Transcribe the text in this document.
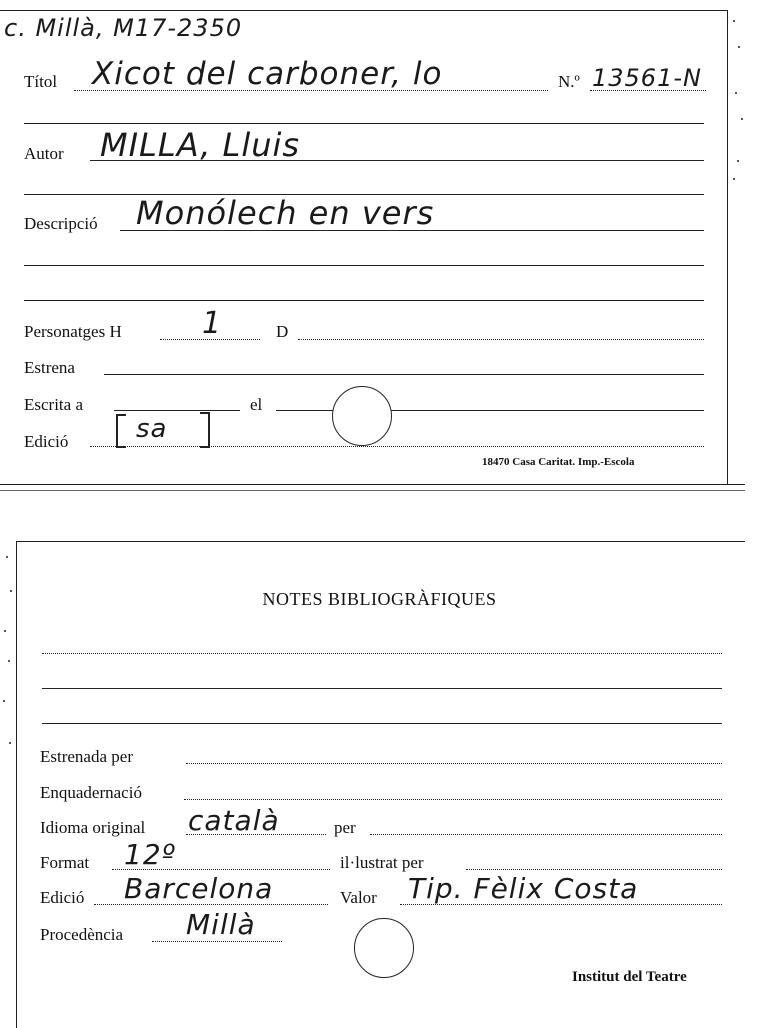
c. Millà, M17-2350
Títol Xicot del carboner, lo	N.º 13561-N
Autor MILLA, Lluis
Descripció Monólech en vers
Personatges H	1	D
Estrena
Escrita a	el
Edició	sa
18470 Casa Caritat. Imp.-Escola
NOTES BIBLIOGRÀFIQUES
Estrenada per
Enquadernació
Idioma original català	per
Format 12º	il·lustrat per
Edició Barcelona	Valor Tip. Fèlix Costa
Procedència Millà
Institut del Teatre
